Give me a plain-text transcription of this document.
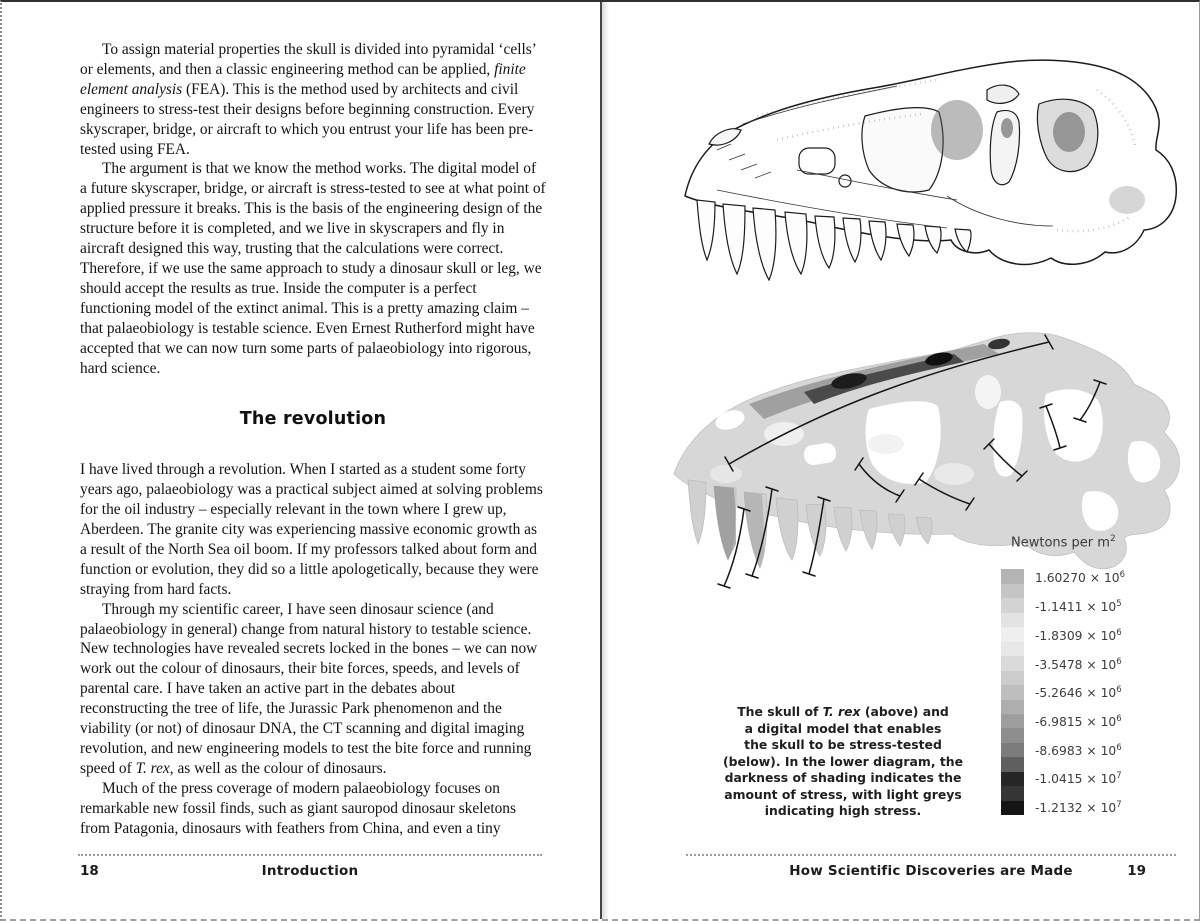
To assign material properties the skull is divided into pyramidal ‘cells’ or elements, and then a classic engineering method can be applied, finite element analysis (FEA). This is the method used by architects and civil engineers to stress-test their designs before beginning construction. Every skyscraper, bridge, or aircraft to which you entrust your life has been pre-tested using FEA.

The argument is that we know the method works. The digital model of a future skyscraper, bridge, or aircraft is stress-tested to see at what point of applied pressure it breaks. This is the basis of the engineering design of the structure before it is completed, and we live in skyscrapers and fly in aircraft designed this way, trusting that the calculations were correct. Therefore, if we use the same approach to study a dinosaur skull or leg, we should accept the results as true. Inside the computer is a perfect functioning model of the extinct animal. This is a pretty amazing claim – that palaeobiology is testable science. Even Ernest Rutherford might have accepted that we can now turn some parts of palaeobiology into rigorous, hard science.

The revolution

I have lived through a revolution. When I started as a student some forty years ago, palaeobiology was a practical subject aimed at solving problems for the oil industry – especially relevant in the town where I grew up, Aberdeen. The granite city was experiencing massive economic growth as a result of the North Sea oil boom. If my professors talked about form and function or evolution, they did so a little apologetically, because they were straying from hard facts.

Through my scientific career, I have seen dinosaur science (and palaeobiology in general) change from natural history to testable science. New technologies have revealed secrets locked in the bones – we can now work out the colour of dinosaurs, their bite forces, speeds, and levels of parental care. I have taken an active part in the debates about reconstructing the tree of life, the Jurassic Park phenomenon and the viability (or not) of dinosaur DNA, the CT scanning and digital imaging revolution, and new engineering models to test the bite force and running speed of T. rex, as well as the colour of dinosaurs.

Much of the press coverage of modern palaeobiology focuses on remarkable new fossil finds, such as giant sauropod dinosaur skeletons from Patagonia, dinosaurs with feathers from China, and even a tiny

18	Introduction
Newtons per $m^2$
$1.60270 \times 10^6$
$-1.1411 \times 10^5$
$-1.8309 \times 10^6$
$-3.5478 \times 10^6$
$-5.2646 \times 10^6$
$-6.9815 \times 10^6$
$-8.6983 \times 10^6$
$-1.0415 \times 10^7$
$-1.2132 \times 10^7$
The skull of T. rex (above) and
a digital model that enables
the skull to be stress-tested
(below). In the lower diagram, the
darkness of shading indicates the
amount of stress, with light greys
indicating high stress.
How Scientific Discoveries are Made	19
